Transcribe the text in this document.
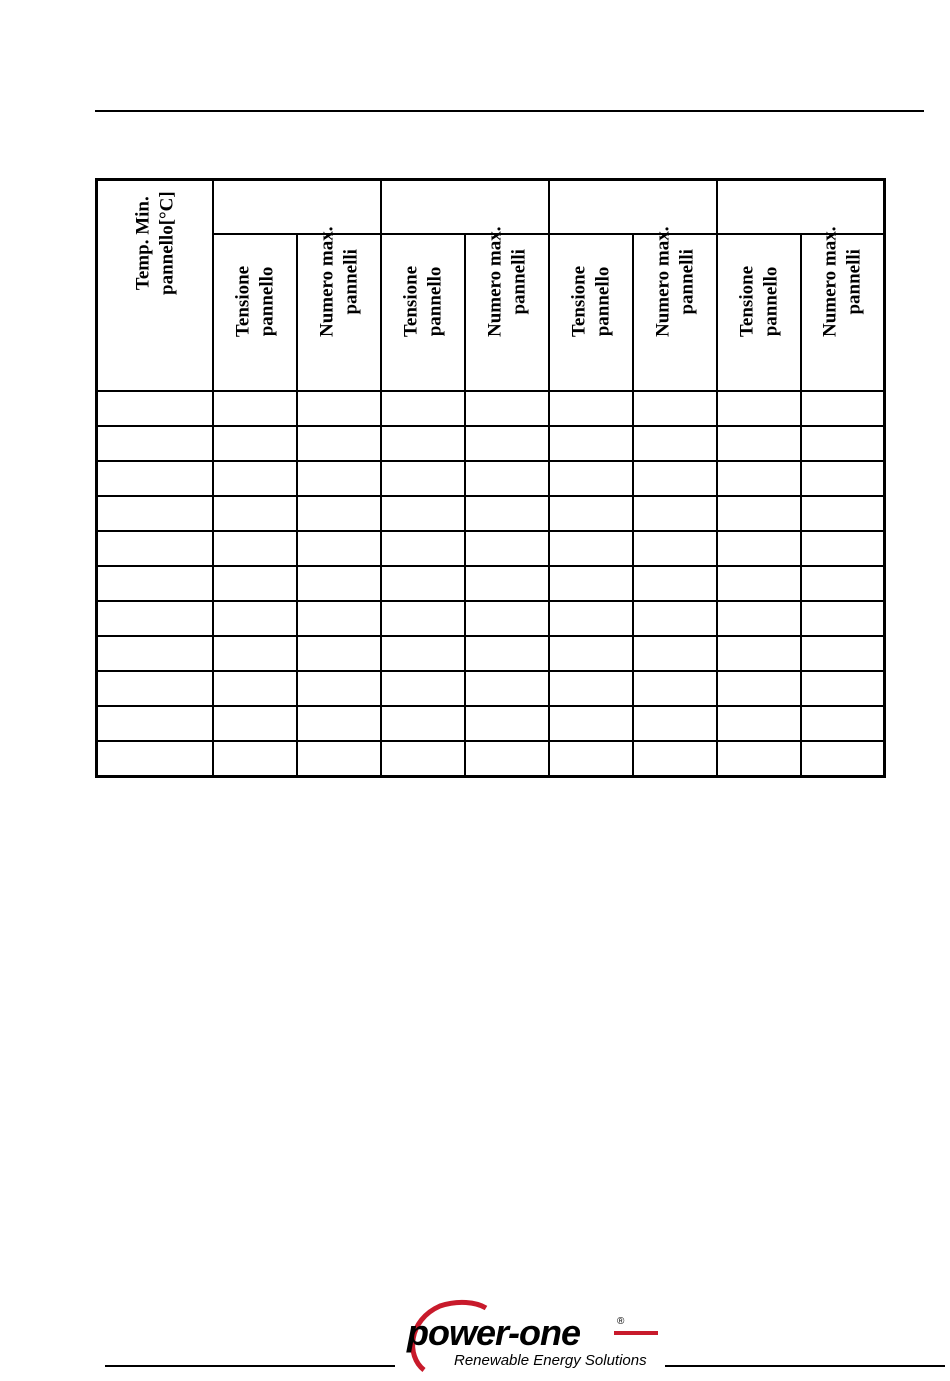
Temp. Min. pannello[°C]								

	Tensione pannello	Numero max. pannelli	Tensione pannello	Numero max. pannelli	Tensione pannello	Numero max. pannelli	Tensione pannello	Numero max. pannelli

power-one	®
Renewable Energy Solutions
